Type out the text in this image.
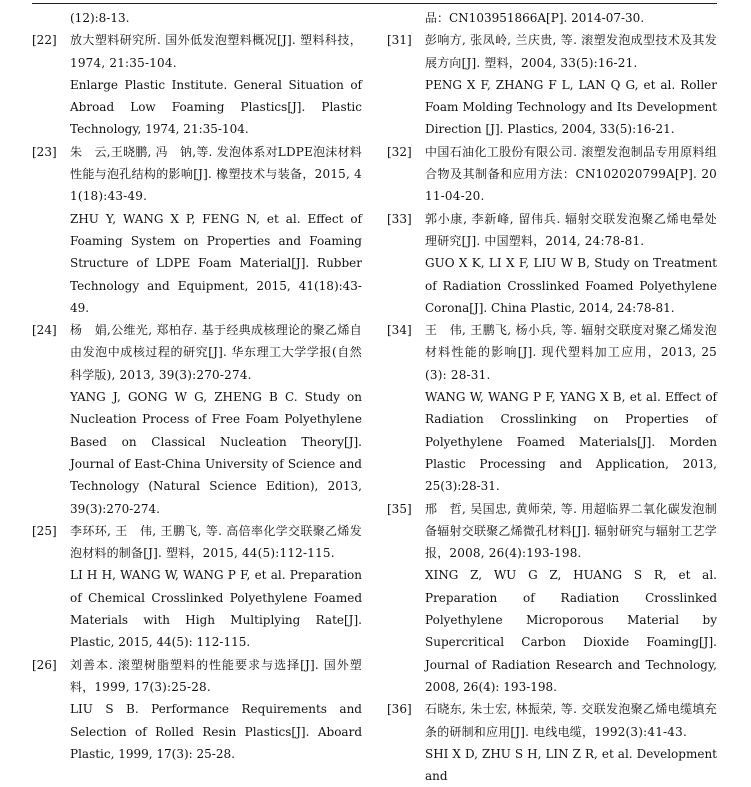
(12):8-13.

[22]	放大塑料研究所. 国外低发泡塑料概况[J]. 塑料科技，1974, 21:35-104.
Enlarge Plastic Institute. General Situation of Abroad Low Foaming Plastics[J]. Plastic Technology, 1974, 21:35-104.
[23]	朱　云,王晓鹏, 冯　钠,等. 发泡体系对LDPE泡沫材料性能与泡孔结构的影响[J]. 橡塑技术与装备，2015, 41(18):43-49.
ZHU Y, WANG X P, FENG N, et al. Effect of Foaming System on Properties and Foaming Structure of LDPE Foam Material[J]. Rubber Technology and Equipment, 2015, 41(18):43-49.
[24]	杨　娟,公维光, 郑柏存. 基于经典成核理论的聚乙烯自由发泡中成核过程的研究[J]. 华东理工大学学报(自然科学版), 2013, 39(3):270-274.
YANG J, GONG W G, ZHENG B C. Study on Nucleation Process of Free Foam Polyethylene Based on Classical Nucleation Theory[J]. Journal of East-China University of Science and Technology (Natural Science Edition), 2013, 39(3):270-274.
[25]	李环环, 王　伟, 王鹏飞, 等. 高倍率化学交联聚乙烯发泡材料的制备[J]. 塑料，2015, 44(5):112-115.
LI H H, WANG W, WANG P F, et al. Preparation of Chemical Crosslinked Polyethylene Foamed Materials with High Multiplying Rate[J]. Plastic, 2015, 44(5): 112-115.
[26]	刘善本. 滚塑树脂塑料的性能要求与选择[J]. 国外塑料，1999, 17(3):25-28.
LIU S B. Performance Requirements and Selection of Rolled Resin Plastics[J]. Aboard Plastic, 1999, 17(3): 25-28.

品：CN103951866A[P]. 2014-07-30.

[31]	彭响方, 张凤岭, 兰庆贵, 等. 滚塑发泡成型技术及其发展方向[J]. 塑料，2004, 33(5):16-21.
PENG X F, ZHANG F L, LAN Q G, et al. Roller Foam Molding Technology and Its Development Direction [J]. Plastics, 2004, 33(5):16-21.
[32]	中国石油化工股份有限公司. 滚塑发泡制品专用原料组合物及其制备和应用方法：CN102020799A[P]. 2011-04-20.
[33]	郭小康, 李新峰, 留伟兵. 辐射交联发泡聚乙烯电晕处理研究[J]. 中国塑料，2014, 24:78-81.
GUO X K, LI X F, LIU W B, Study on Treatment of Radiation Crosslinked Foamed Polyethylene Corona[J]. China Plastic, 2014, 24:78-81.
[34]	王　伟, 王鹏飞, 杨小兵, 等. 辐射交联度对聚乙烯发泡材料性能的影响[J]. 现代塑料加工应用，2013, 25(3): 28-31.
WANG W, WANG P F, YANG X B, et al. Effect of Radiation Crosslinking on Properties of Polyethylene Foamed Materials[J]. Morden Plastic Processing and Application, 2013, 25(3):28-31.
[35]	邢　哲, 吴国忠, 黄师荣, 等. 用超临界二氧化碳发泡制备辐射交联聚乙烯微孔材料[J]. 辐射研究与辐射工艺学报，2008, 26(4):193-198.
XING Z, WU G Z, HUANG S R, et al. Preparation of Radiation Crosslinked Polyethylene Microporous Material by Supercritical Carbon Dioxide Foaming[J]. Journal of Radiation Research and Technology, 2008, 26(4): 193-198.
[36]	石晓东, 朱士宏, 林振荣, 等. 交联发泡聚乙烯电缆填充条的研制和应用[J]. 电线电缆，1992(3):41-43.
SHI X D, ZHU S H, LIN Z R, et al. Development and
